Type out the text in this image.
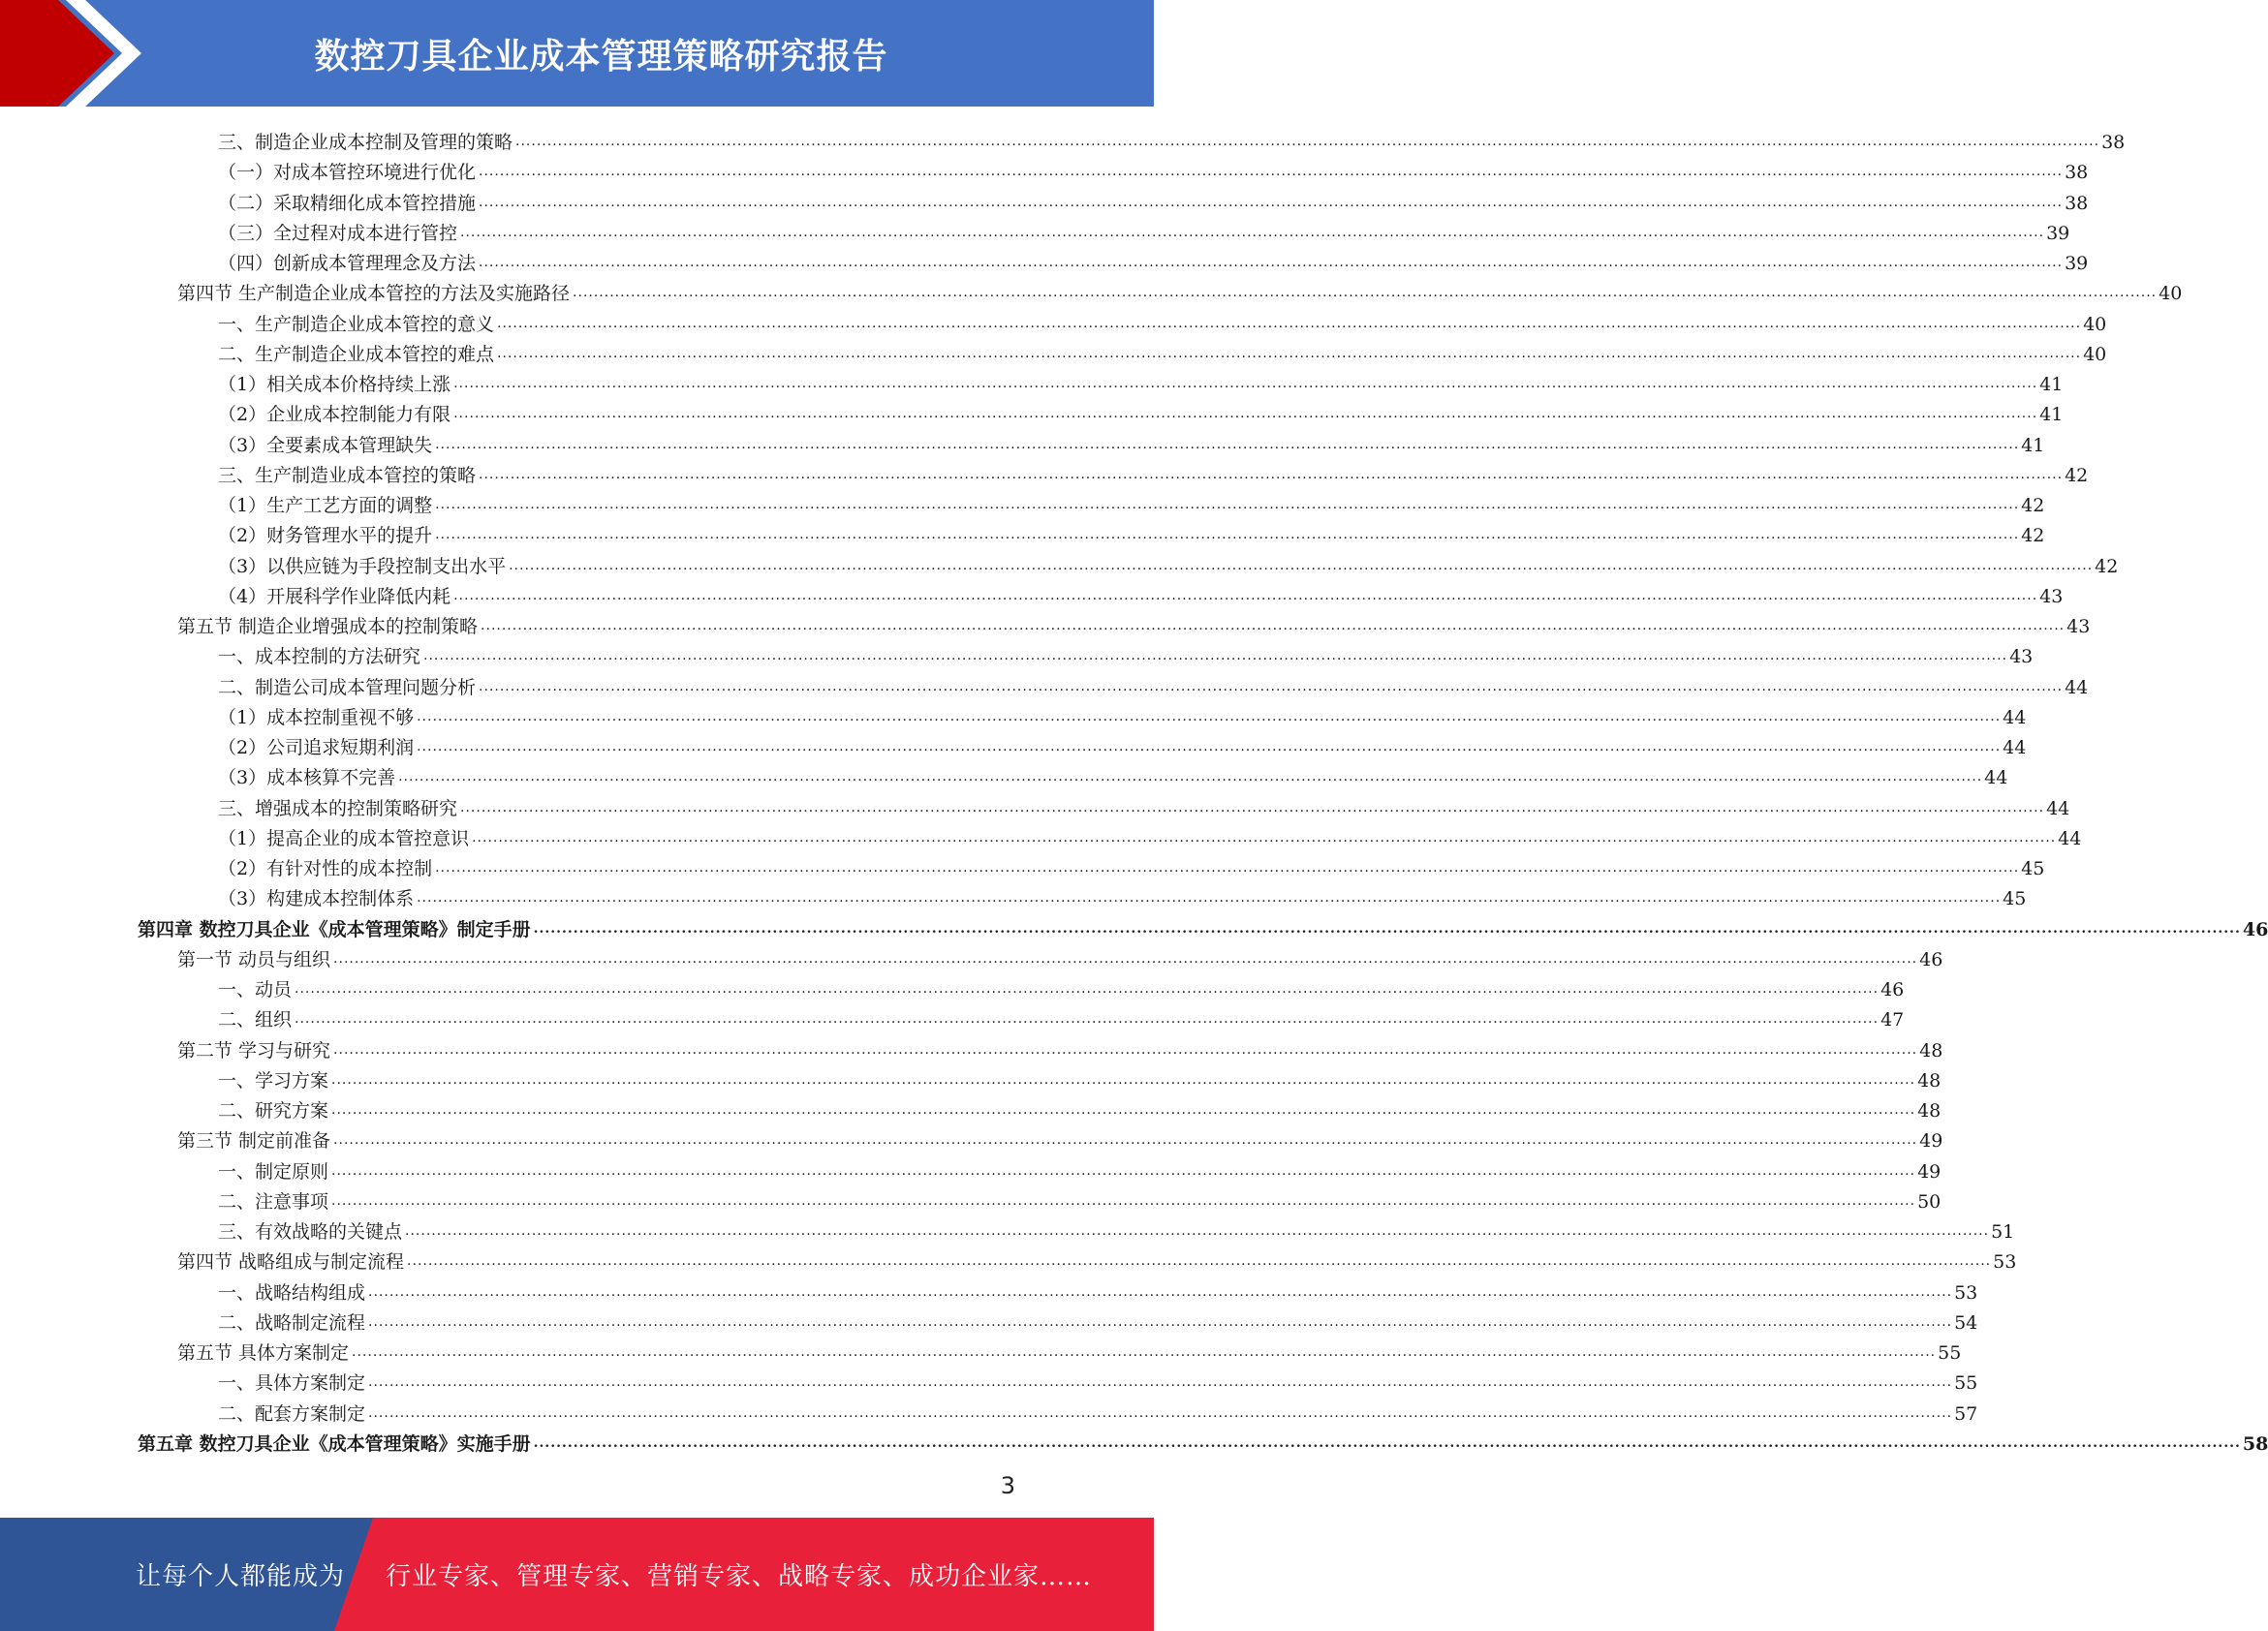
数控刀具企业成本管理策略研究报告
三、制造企业成本控制及管理的策略 ............................................................................................................................................................................................................................................................................................................ 38
（一）对成本管控环境进行优化 ............................................................................................................................................................................................................................................................................................................ 38
（二）采取精细化成本管控措施 ............................................................................................................................................................................................................................................................................................................ 38
（三）全过程对成本进行管控 ............................................................................................................................................................................................................................................................................................................ 39
（四）创新成本管理理念及方法 ............................................................................................................................................................................................................................................................................................................ 39
第四节 生产制造企业成本管控的方法及实施路径 ............................................................................................................................................................................................................................................................................................................ 40
一、生产制造企业成本管控的意义 ............................................................................................................................................................................................................................................................................................................ 40
二、生产制造企业成本管控的难点 ............................................................................................................................................................................................................................................................................................................ 40
（1）相关成本价格持续上涨 ............................................................................................................................................................................................................................................................................................................ 41
（2）企业成本控制能力有限 ............................................................................................................................................................................................................................................................................................................ 41
（3）全要素成本管理缺失 ............................................................................................................................................................................................................................................................................................................ 41
三、生产制造业成本管控的策略 ............................................................................................................................................................................................................................................................................................................ 42
（1）生产工艺方面的调整 ............................................................................................................................................................................................................................................................................................................ 42
（2）财务管理水平的提升 ............................................................................................................................................................................................................................................................................................................ 42
（3）以供应链为手段控制支出水平 ............................................................................................................................................................................................................................................................................................................ 42
（4）开展科学作业降低内耗 ............................................................................................................................................................................................................................................................................................................ 43
第五节 制造企业增强成本的控制策略 ............................................................................................................................................................................................................................................................................................................ 43
一、成本控制的方法研究 ............................................................................................................................................................................................................................................................................................................ 43
二、制造公司成本管理问题分析 ............................................................................................................................................................................................................................................................................................................ 44
（1）成本控制重视不够 ............................................................................................................................................................................................................................................................................................................ 44
（2）公司追求短期利润 ............................................................................................................................................................................................................................................................................................................ 44
（3）成本核算不完善 ............................................................................................................................................................................................................................................................................................................ 44
三、增强成本的控制策略研究 ............................................................................................................................................................................................................................................................................................................ 44
（1）提高企业的成本管控意识 ............................................................................................................................................................................................................................................................................................................ 44
（2）有针对性的成本控制 ............................................................................................................................................................................................................................................................................................................ 45
（3）构建成本控制体系 ............................................................................................................................................................................................................................................................................................................ 45
第四章 数控刀具企业《成本管理策略》制定手册 ............................................................................................................................................................................................................................................................................................................ 46
第一节 动员与组织 ............................................................................................................................................................................................................................................................................................................ 46
一、动员 ............................................................................................................................................................................................................................................................................................................ 46
二、组织 ............................................................................................................................................................................................................................................................................................................ 47
第二节 学习与研究 ............................................................................................................................................................................................................................................................................................................ 48
一、学习方案 ............................................................................................................................................................................................................................................................................................................ 48
二、研究方案 ............................................................................................................................................................................................................................................................................................................ 48
第三节 制定前准备 ............................................................................................................................................................................................................................................................................................................ 49
一、制定原则 ............................................................................................................................................................................................................................................................................................................ 49
二、注意事项 ............................................................................................................................................................................................................................................................................................................ 50
三、有效战略的关键点 ............................................................................................................................................................................................................................................................................................................ 51
第四节 战略组成与制定流程 ............................................................................................................................................................................................................................................................................................................ 53
一、战略结构组成 ............................................................................................................................................................................................................................................................................................................ 53
二、战略制定流程 ............................................................................................................................................................................................................................................................................................................ 54
第五节 具体方案制定 ............................................................................................................................................................................................................................................................................................................ 55
一、具体方案制定 ............................................................................................................................................................................................................................................................................................................ 55
二、配套方案制定 ............................................................................................................................................................................................................................................................................................................ 57
第五章 数控刀具企业《成本管理策略》实施手册 ............................................................................................................................................................................................................................................................................................................ 58
3
让每个人都能成为 行业专家、管理专家、营销专家、战略专家、成功企业家……
